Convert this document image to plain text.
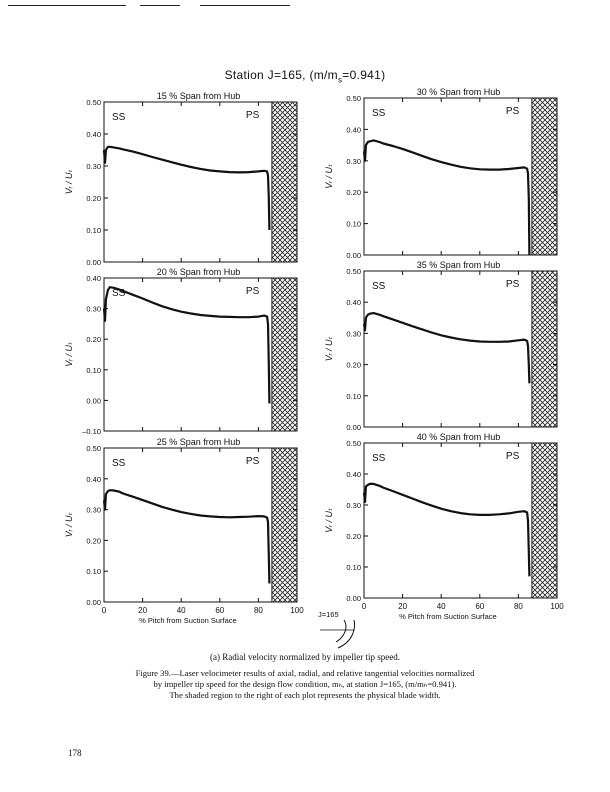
Station J=165, $(m/m_s=0.941)$
0.00
0.10
0.20
0.30
0.40
0.50
15 % Span from Hub
SS	PS
Vᵣ / Uₜ
0.00
0.10
0.20
0.30
0.40
0.50
30 % Span from Hub
SS	PS
Vᵣ / Uₜ
–0.10
0.00
0.10
0.20
0.30
0.40
20 % Span from Hub
SS	PS
Vᵣ / Uₜ
0.00
0.10
0.20
0.30
0.40
0.50
35 % Span from Hub
SS	PS
Vᵣ / Uₜ
0.00
0.10
0.20
0.30
0.40
0.50
0	20	40	60	80	100
% Pitch from Suction Surface
25 % Span from Hub
SS	PS
Vᵣ / Uₜ
0.00
0.10
0.20
0.30
0.40
0.50
0	20	40	60	80	100
% Pitch from Suction Surface
40 % Span from Hub
SS	PS
Vᵣ / Uₜ
J=165
(a) Radial velocity normalized by impeller tip speed.
Figure 39.—Laser velocimeter results of axial, radial, and relative tangential velocities normalized
by impeller tip speed for the design flow condition, mₕ, at station J=165, (m/mₕ=0.941).
The shaded region to the right of each plot represents the physical blade width.
178
